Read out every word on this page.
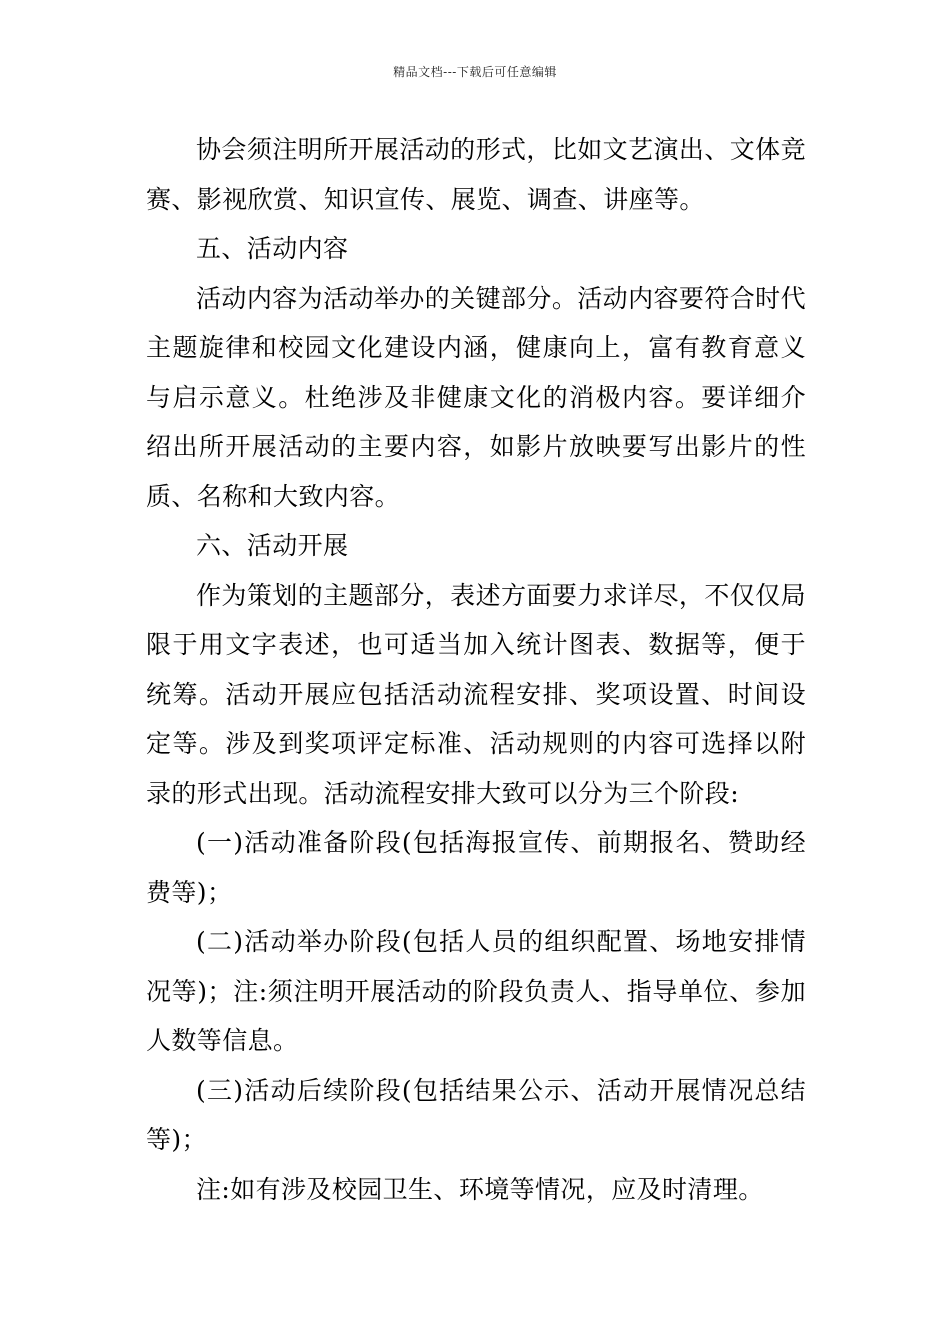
精品文档---下载后可任意编辑

协会须注明所开展活动的形式，比如文艺演出、文体竞赛、影视欣赏、知识宣传、展览、调查、讲座等。

五、活动内容

活动内容为活动举办的关键部分。活动内容要符合时代主题旋律和校园文化建设内涵，健康向上，富有教育意义与启示意义。杜绝涉及非健康文化的消极内容。要详细介绍出所开展活动的主要内容，如影片放映要写出影片的性质、名称和大致内容。

六、活动开展

作为策划的主题部分，表述方面要力求详尽，不仅仅局限于用文字表述，也可适当加入统计图表、数据等，便于统筹。活动开展应包括活动流程安排、奖项设置、时间设定等。涉及到奖项评定标准、活动规则的内容可选择以附录的形式出现。活动流程安排大致可以分为三个阶段:

(一)活动准备阶段(包括海报宣传、前期报名、赞助经费等)；

(二)活动举办阶段(包括人员的组织配置、场地安排情况等)；注:须注明开展活动的阶段负责人、指导单位、参加人数等信息。

(三)活动后续阶段(包括结果公示、活动开展情况总结等)；

注:如有涉及校园卫生、环境等情况，应及时清理。
